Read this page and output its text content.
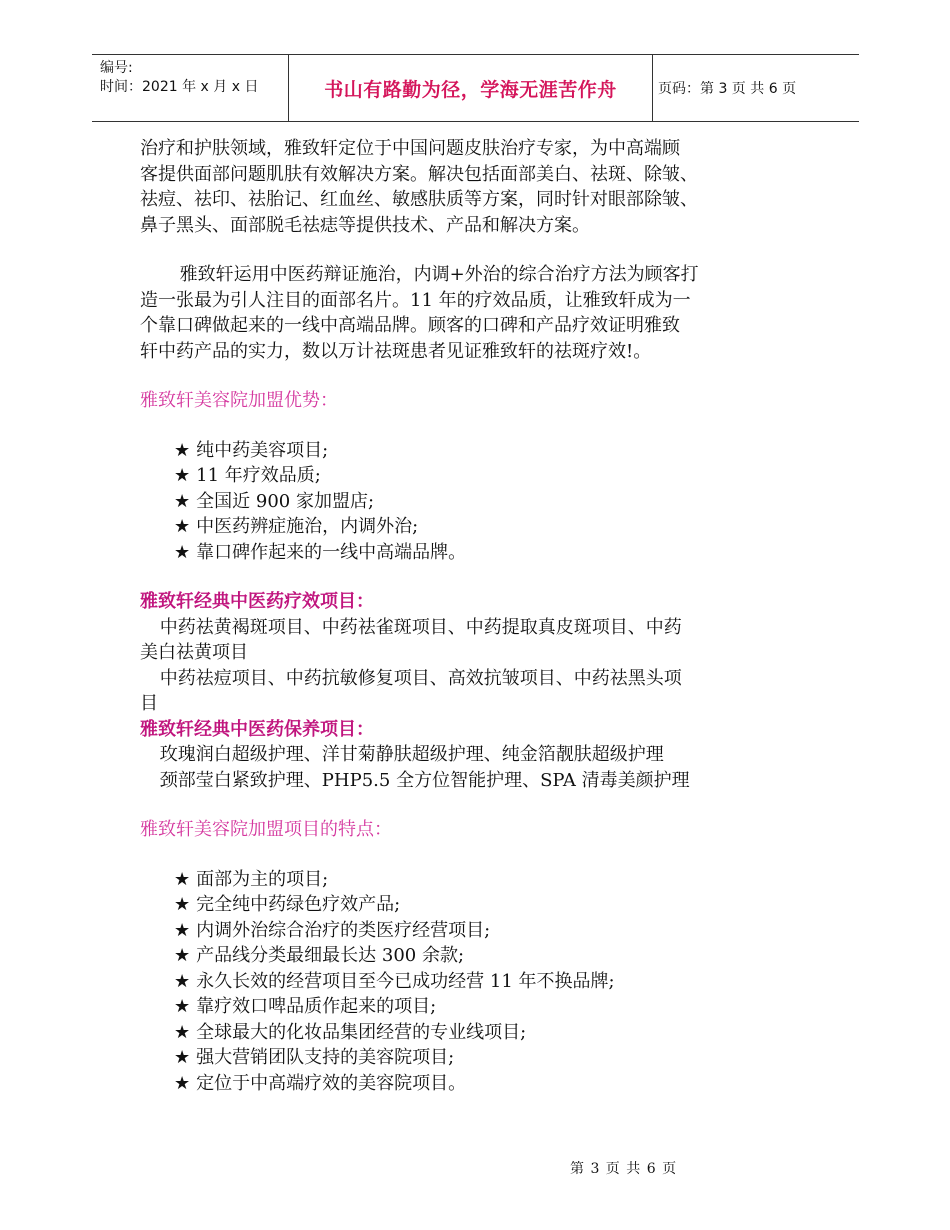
编号:
时间：2021 年 x 月 x 日	书山有路勤为径，学海无涯苦作舟	页码：第 3 页 共 6 页

治疗和护肤领域，雅致轩定位于中国问题皮肤治疗专家，为中高端顾

客提供面部问题肌肤有效解决方案。解决包括面部美白、祛斑、除皱、

祛痘、祛印、祛胎记、红血丝、敏感肤质等方案，同时针对眼部除皱、

鼻子黑头、面部脱毛祛痣等提供技术、产品和解决方案。

雅致轩运用中医药辩证施治，内调+外治的综合治疗方法为顾客打

造一张最为引人注目的面部名片。11 年的疗效品质，让雅致轩成为一

个靠口碑做起来的一线中高端品牌。顾客的口碑和产品疗效证明雅致

轩中药产品的实力，数以万计祛斑患者见证雅致轩的祛斑疗效!。

雅致轩美容院加盟优势：

★ 纯中药美容项目;
★ 11 年疗效品质;
★ 全国近 900 家加盟店;
★ 中医药辨症施治，内调外治;
★ 靠口碑作起来的一线中高端品牌。

雅致轩经典中医药疗效项目：

中药祛黄褐斑项目、中药祛雀斑项目、中药提取真皮斑项目、中药

美白祛黄项目

中药祛痘项目、中药抗敏修复项目、高效抗皱项目、中药祛黑头项

目

雅致轩经典中医药保养项目：

玫瑰润白超级护理、洋甘菊静肤超级护理、纯金箔靓肤超级护理

颈部莹白紧致护理、PHP5.5 全方位智能护理、SPA 清毒美颜护理

雅致轩美容院加盟项目的特点：

★ 面部为主的项目;
★ 完全纯中药绿色疗效产品;
★ 内调外治综合治疗的类医疗经营项目;
★ 产品线分类最细最长达 300 余款;
★ 永久长效的经营项目至今已成功经营 11 年不换品牌;
★ 靠疗效口啤品质作起来的项目;
★ 全球最大的化妆品集团经营的专业线项目;
★ 强大营销团队支持的美容院项目;
★ 定位于中高端疗效的美容院项目。
第 3 页 共 6 页
